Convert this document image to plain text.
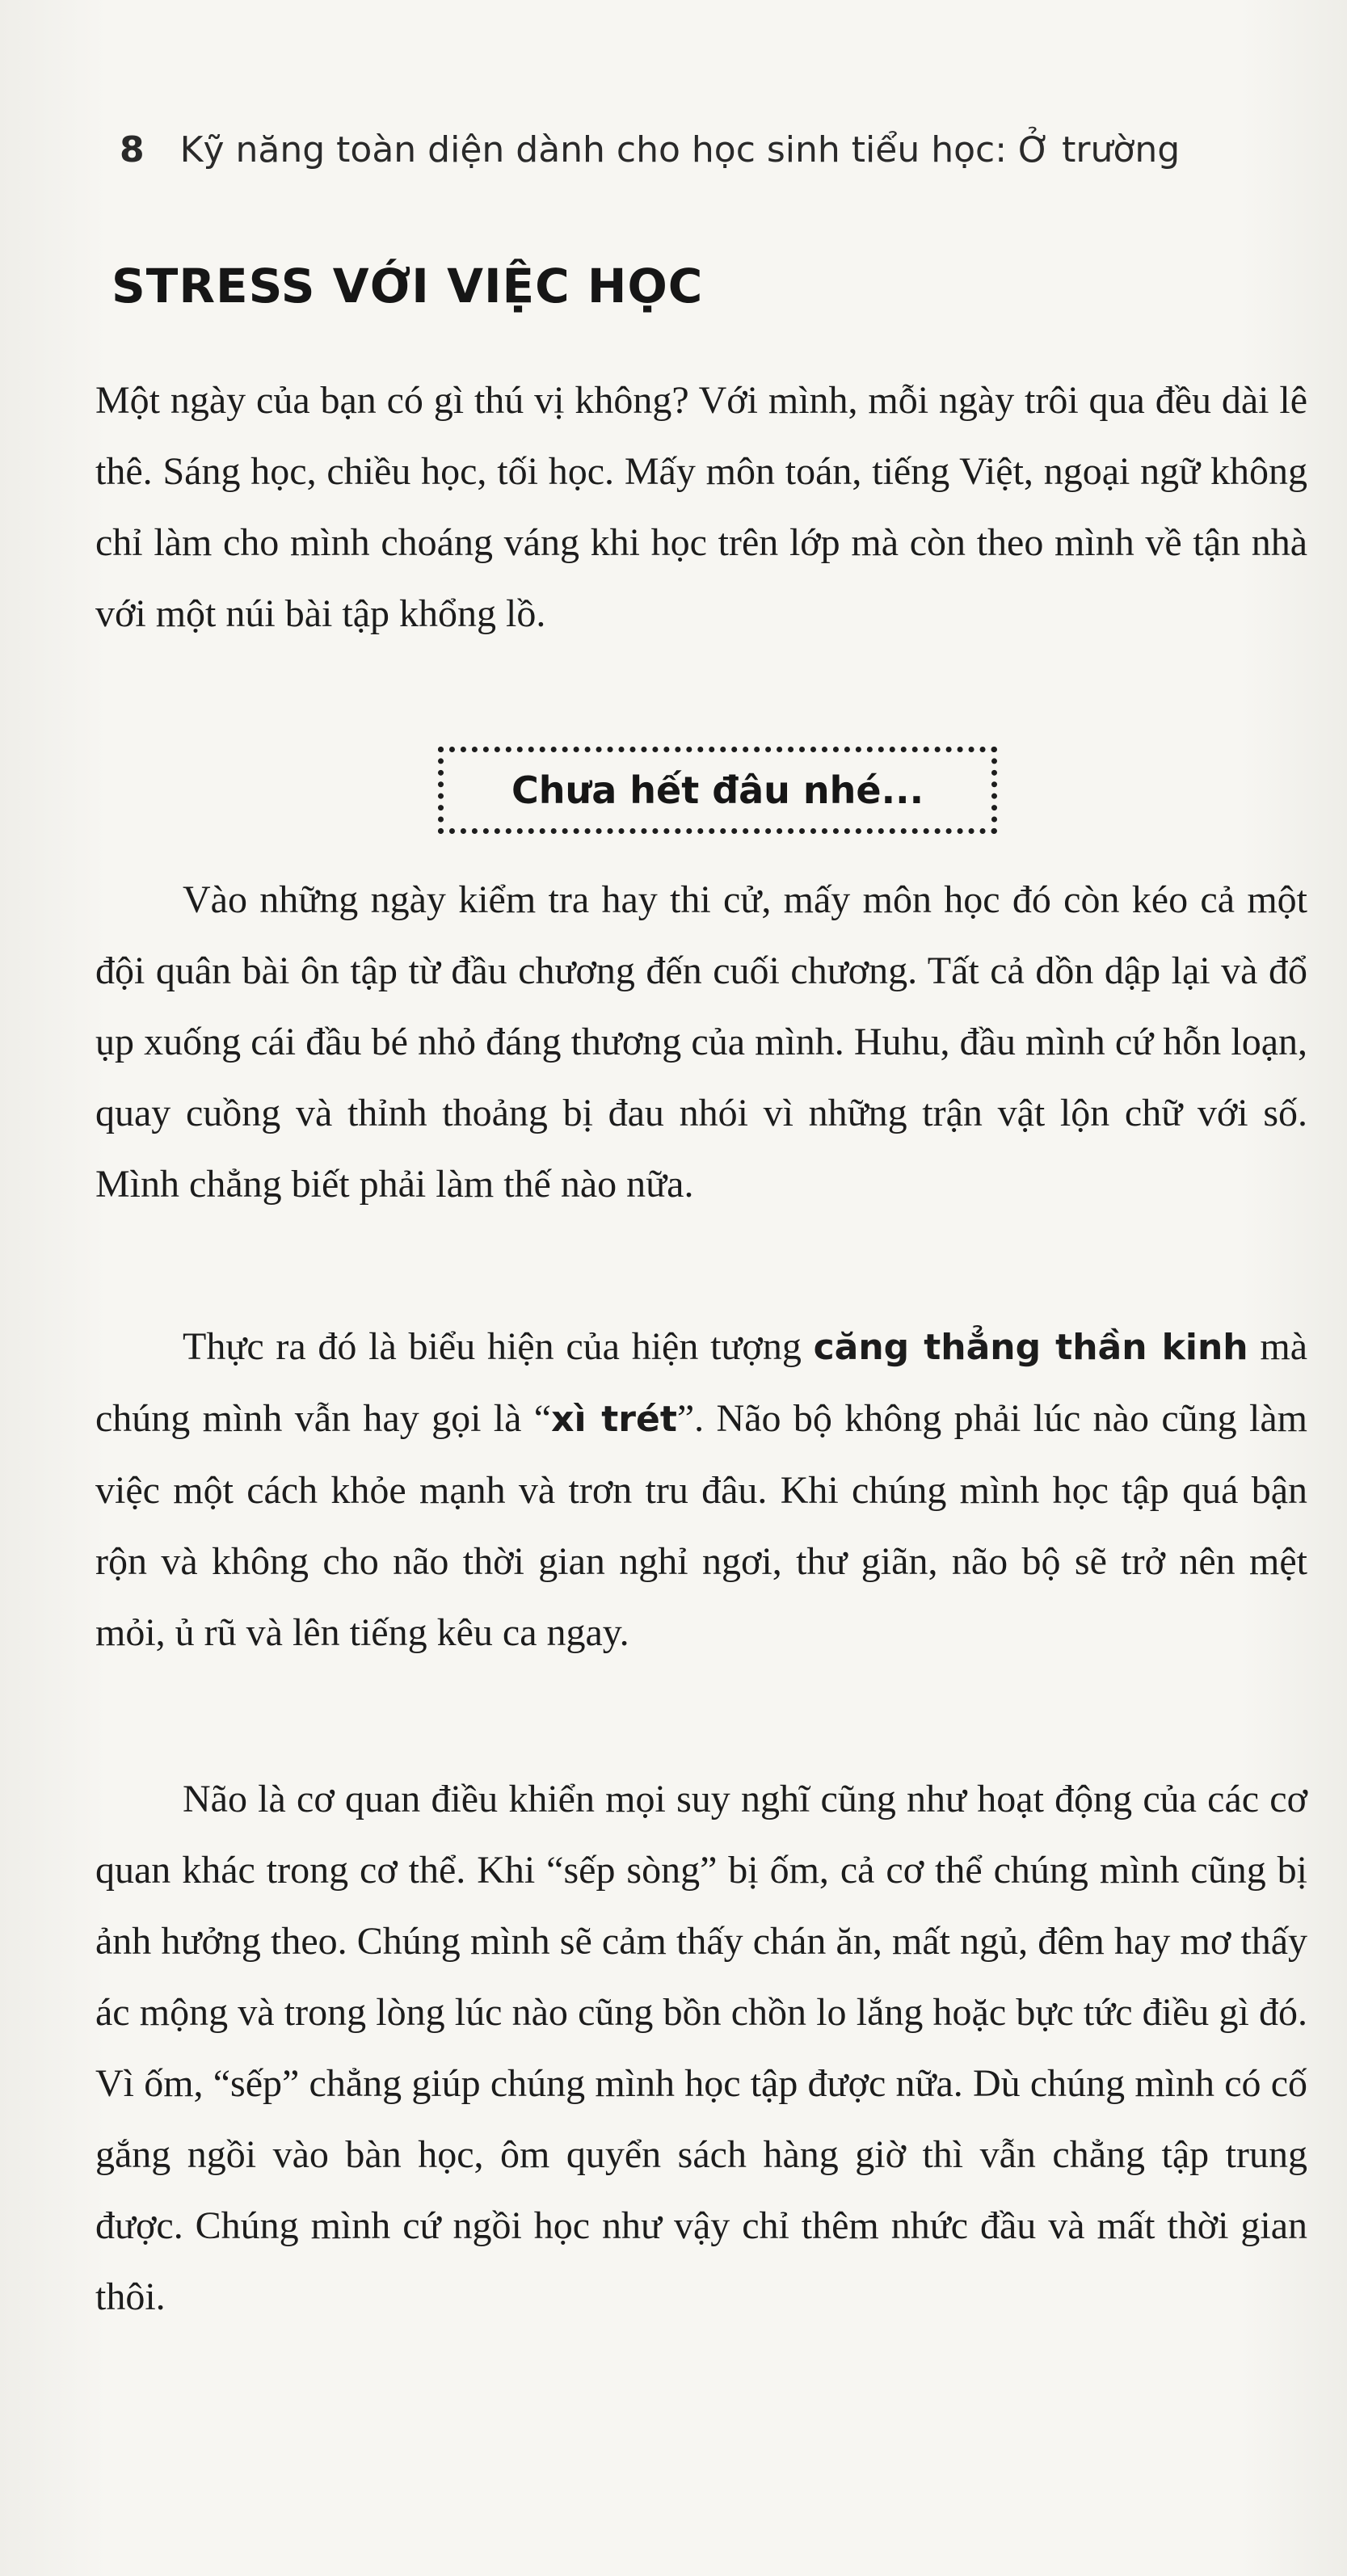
8 Kỹ năng toàn diện dành cho học sinh tiểu học: Ở trường
STRESS VỚI VIỆC HỌC

Một ngày của bạn có gì thú vị không? Với mình, mỗi ngày trôi qua đều dài lê thê. Sáng học, chiều học, tối học. Mấy môn toán, tiếng Việt, ngoại ngữ không chỉ làm cho mình choáng váng khi học trên lớp mà còn theo mình về tận nhà với một núi bài tập khổng lồ.

Chưa hết đâu nhé...

Vào những ngày kiểm tra hay thi cử, mấy môn học đó còn kéo cả một đội quân bài ôn tập từ đầu chương đến cuối chương. Tất cả dồn dập lại và đổ ụp xuống cái đầu bé nhỏ đáng thương của mình. Huhu, đầu mình cứ hỗn loạn, quay cuồng và thỉnh thoảng bị đau nhói vì những trận vật lộn chữ với số. Mình chẳng biết phải làm thế nào nữa.

Thực ra đó là biểu hiện của hiện tượng căng thẳng thần kinh mà chúng mình vẫn hay gọi là “xì trét”. Não bộ không phải lúc nào cũng làm việc một cách khỏe mạnh và trơn tru đâu. Khi chúng mình học tập quá bận rộn và không cho não thời gian nghỉ ngơi, thư giãn, não bộ sẽ trở nên mệt mỏi, ủ rũ và lên tiếng kêu ca ngay.

Não là cơ quan điều khiển mọi suy nghĩ cũng như hoạt động của các cơ quan khác trong cơ thể. Khi “sếp sòng” bị ốm, cả cơ thể chúng mình cũng bị ảnh hưởng theo. Chúng mình sẽ cảm thấy chán ăn, mất ngủ, đêm hay mơ thấy ác mộng và trong lòng lúc nào cũng bồn chồn lo lắng hoặc bực tức điều gì đó. Vì ốm, “sếp” chẳng giúp chúng mình học tập được nữa. Dù chúng mình có cố gắng ngồi vào bàn học, ôm quyển sách hàng giờ thì vẫn chẳng tập trung được. Chúng mình cứ ngồi học như vậy chỉ thêm nhức đầu và mất thời gian thôi.
